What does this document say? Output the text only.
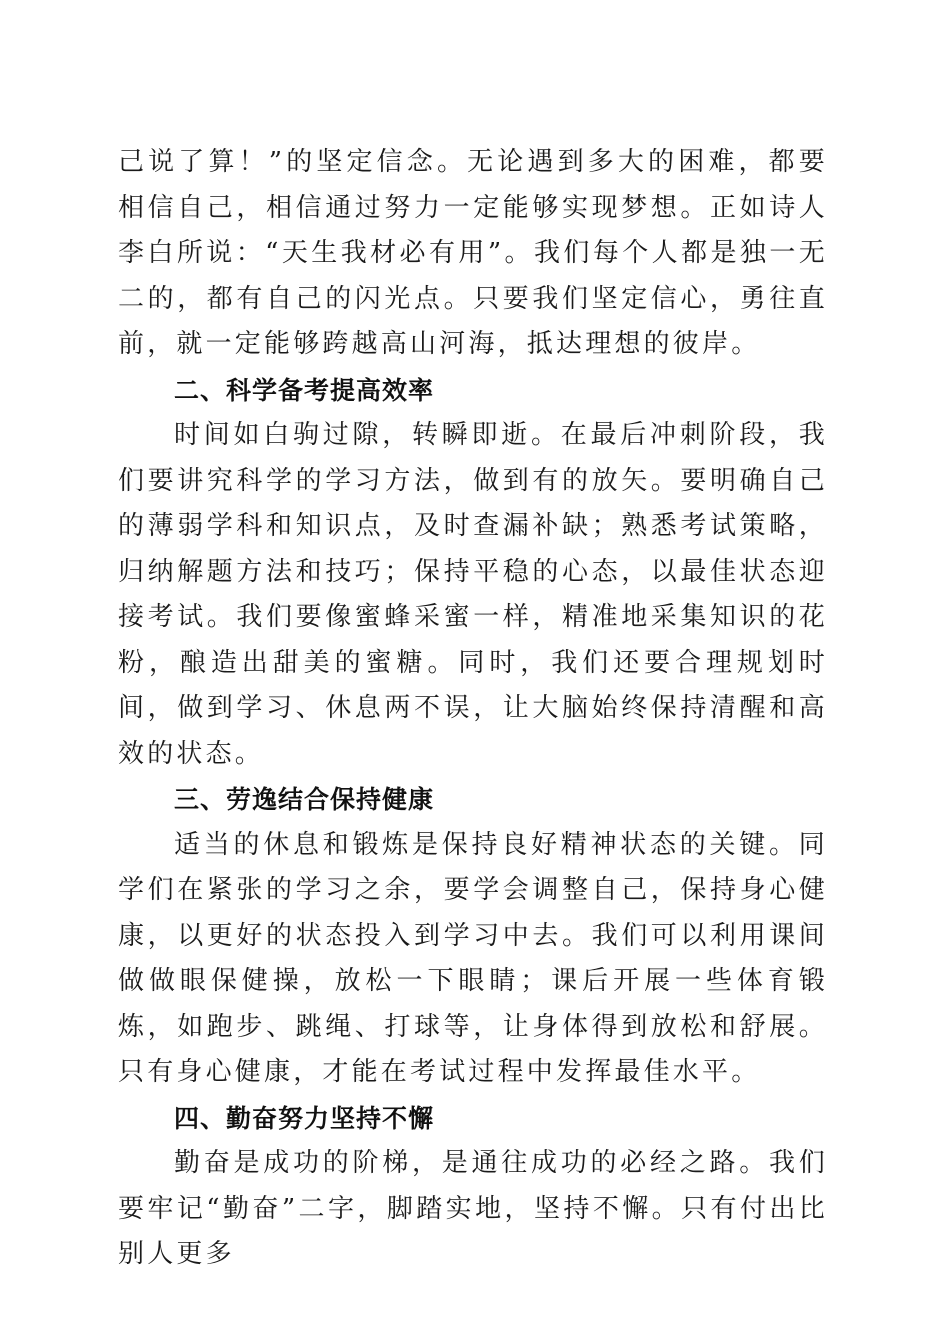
己说了算！”的坚定信念。无论遇到多大的困难，都要相信自己，相信通过努力一定能够实现梦想。正如诗人李白所说：“天生我材必有用”。我们每个人都是独一无二的，都有自己的闪光点。只要我们坚定信心，勇往直前，就一定能够跨越高山河海，抵达理想的彼岸。

二、科学备考提高效率

时间如白驹过隙，转瞬即逝。在最后冲刺阶段，我们要讲究科学的学习方法，做到有的放矢。要明确自己的薄弱学科和知识点，及时查漏补缺；熟悉考试策略，归纳解题方法和技巧；保持平稳的心态，以最佳状态迎接考试。我们要像蜜蜂采蜜一样，精准地采集知识的花粉，酿造出甜美的蜜糖。同时，我们还要合理规划时间，做到学习、休息两不误，让大脑始终保持清醒和高效的状态。

三、劳逸结合保持健康

适当的休息和锻炼是保持良好精神状态的关键。同学们在紧张的学习之余，要学会调整自己，保持身心健康，以更好的状态投入到学习中去。我们可以利用课间做做眼保健操，放松一下眼睛；课后开展一些体育锻炼，如跑步、跳绳、打球等，让身体得到放松和舒展。只有身心健康，才能在考试过程中发挥最佳水平。

四、勤奋努力坚持不懈

勤奋是成功的阶梯，是通往成功的必经之路。我们要牢记“勤奋”二字，脚踏实地，坚持不懈。只有付出比别人更多
